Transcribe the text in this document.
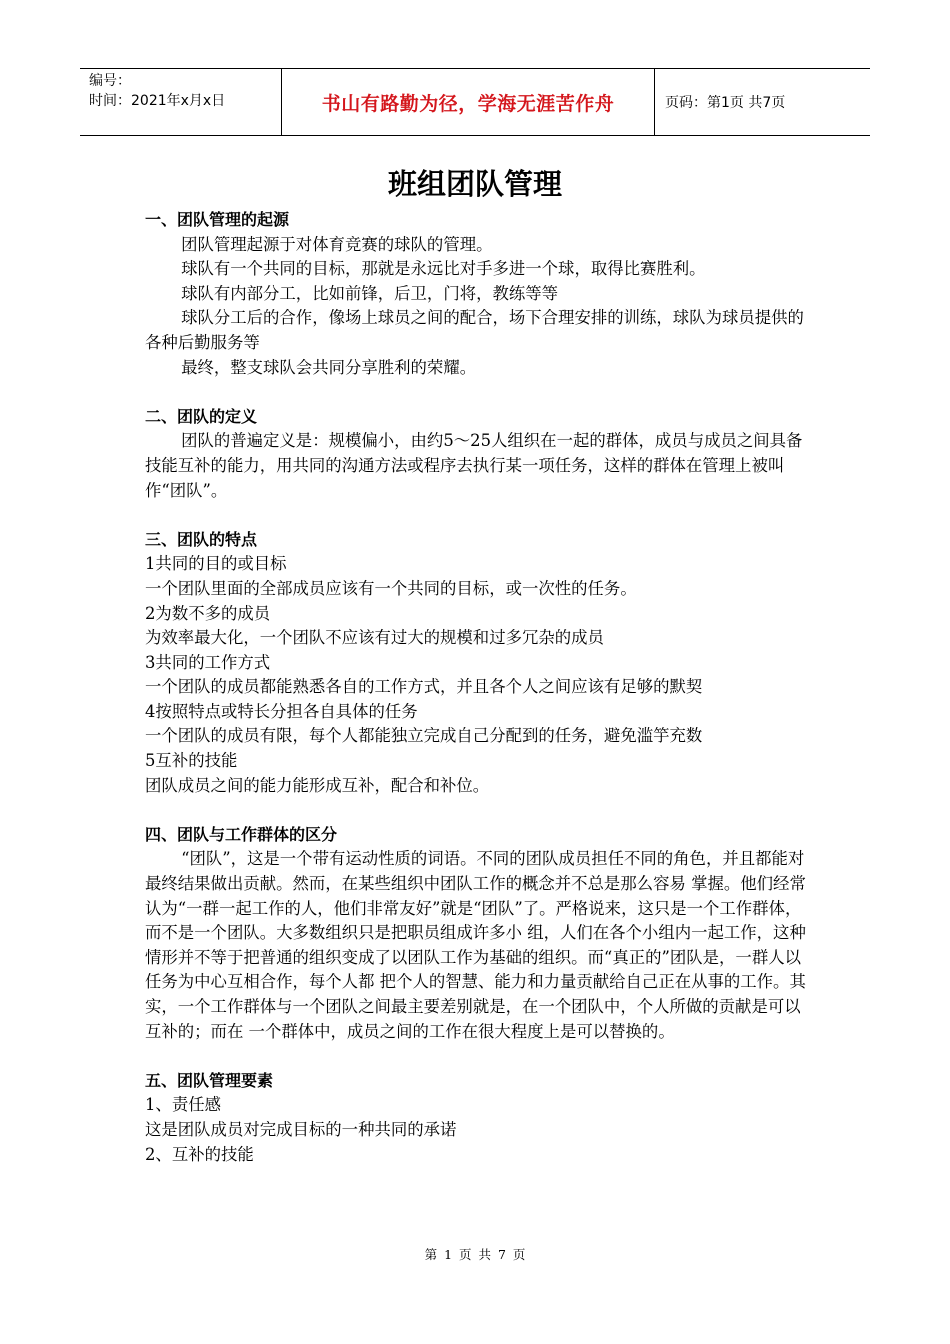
编号：
时间：2021年x月x日	书山有路勤为径，学海无涯苦作舟	页码：第1页 共7页
班组团队管理

一、团队管理的起源

团队管理起源于对体育竞赛的球队的管理。

球队有一个共同的目标，那就是永远比对手多进一个球，取得比赛胜利。

球队有内部分工，比如前锋，后卫，门将，教练等等

球队分工后的合作，像场上球员之间的配合，场下合理安排的训练，球队为球员提供的各种后勤服务等

最终，整支球队会共同分享胜利的荣耀。

二、团队的定义

团队的普遍定义是：规模偏小，由约5～25人组织在一起的群体，成员与成员之间具备技能互补的能力，用共同的沟通方法或程序去执行某一项任务，这样的群体在管理上被叫作“团队”。

三、团队的特点

1共同的目的或目标

一个团队里面的全部成员应该有一个共同的目标，或一次性的任务。

2为数不多的成员

为效率最大化，一个团队不应该有过大的规模和过多冗杂的成员

3共同的工作方式

一个团队的成员都能熟悉各自的工作方式，并且各个人之间应该有足够的默契

4按照特点或特长分担各自具体的任务

一个团队的成员有限，每个人都能独立完成自己分配到的任务，避免滥竽充数

5互补的技能

团队成员之间的能力能形成互补，配合和补位。

四、团队与工作群体的区分

“团队”，这是一个带有运动性质的词语。不同的团队成员担任不同的角色，并且都能对最终结果做出贡献。然而，在某些组织中团队工作的概念并不总是那么容易 掌握。他们经常认为“一群一起工作的人，他们非常友好”就是“团队”了。严格说来，这只是一个工作群体，而不是一个团队。大多数组织只是把职员组成许多小 组，人们在各个小组内一起工作，这种情形并不等于把普通的组织变成了以团队工作为基础的组织。而“真正的”团队是，一群人以任务为中心互相合作，每个人都 把个人的智慧、能力和力量贡献给自己正在从事的工作。其实，一个工作群体与一个团队之间最主要差别就是，在一个团队中，个人所做的贡献是可以互补的；而在 一个群体中，成员之间的工作在很大程度上是可以替换的。

五、团队管理要素

1、责任感

这是团队成员对完成目标的一种共同的承诺

2、互补的技能

第 1 页 共 7 页
